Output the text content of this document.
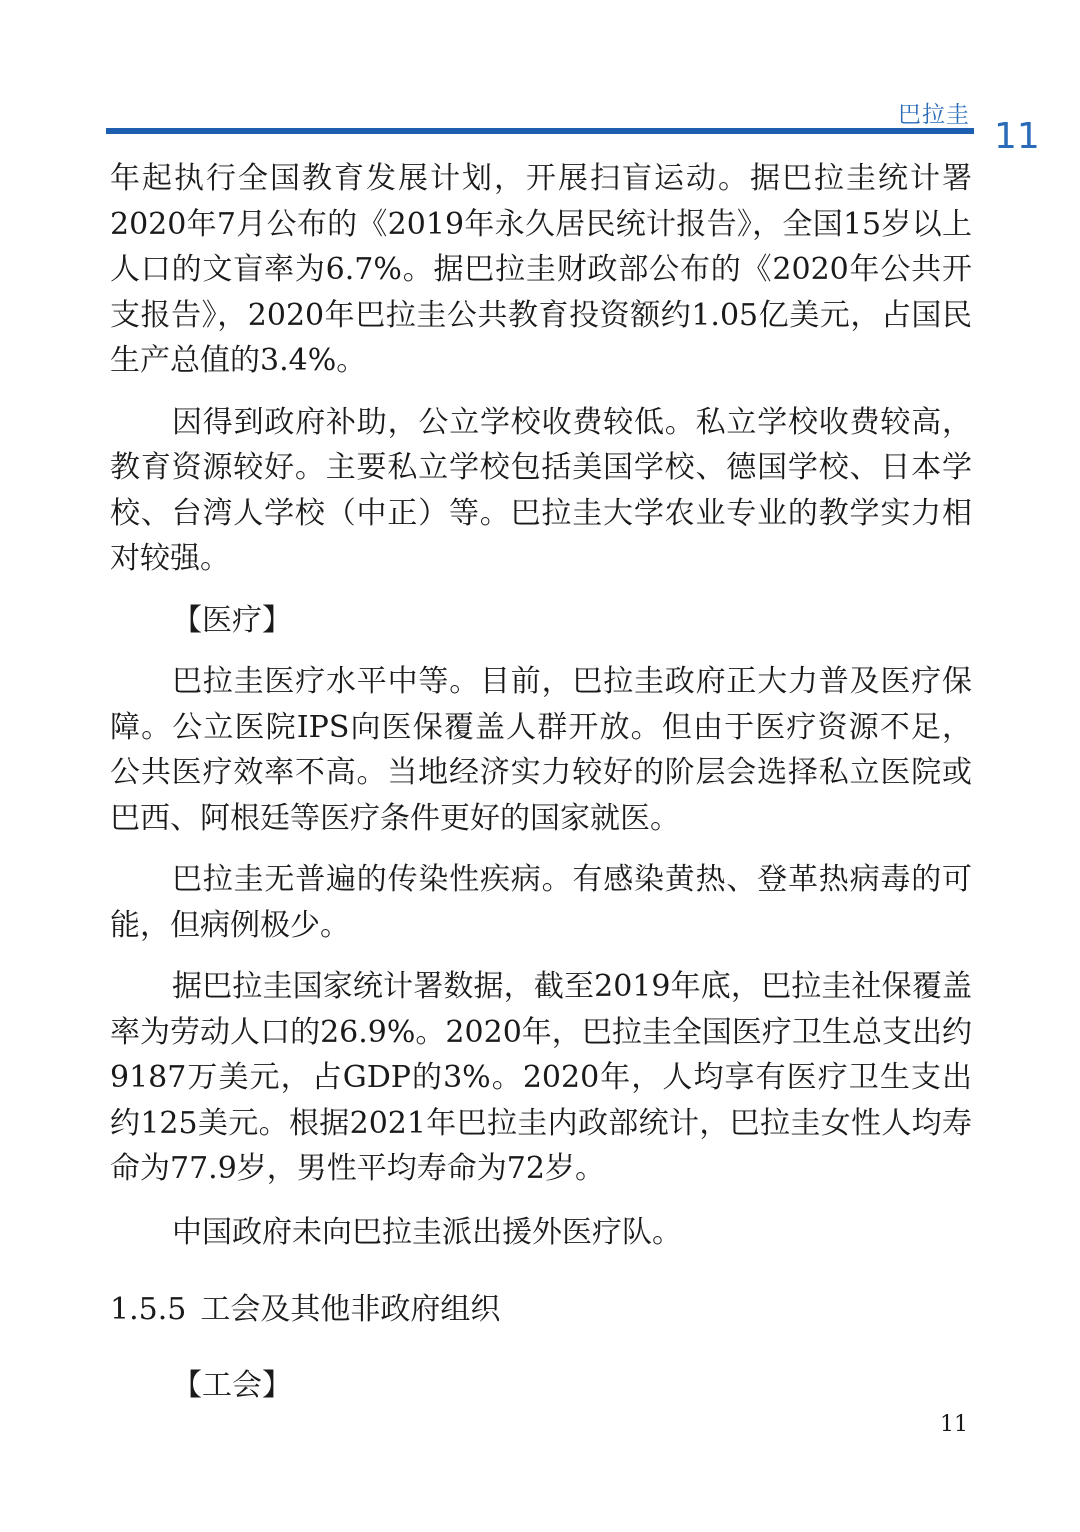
巴拉圭
11

年起执行全国教育发展计划，开展扫盲运动。据巴拉圭统计署2020年7月公布的《2019年永久居民统计报告》，全国15岁以上人口的文盲率为6.7%。据巴拉圭财政部公布的《2020年公共开支报告》，2020年巴拉圭公共教育投资额约1.05亿美元，占国民生产总值的3.4%。

因得到政府补助，公立学校收费较低。私立学校收费较高，教育资源较好。主要私立学校包括美国学校、德国学校、日本学校、台湾人学校（中正）等。巴拉圭大学农业专业的教学实力相对较强。

【医疗】

巴拉圭医疗水平中等。目前，巴拉圭政府正大力普及医疗保障。公立医院IPS向医保覆盖人群开放。但由于医疗资源不足，公共医疗效率不高。当地经济实力较好的阶层会选择私立医院或巴西、阿根廷等医疗条件更好的国家就医。

巴拉圭无普遍的传染性疾病。有感染黄热、登革热病毒的可能，但病例极少。

据巴拉圭国家统计署数据，截至2019年底，巴拉圭社保覆盖率为劳动人口的26.9%。2020年，巴拉圭全国医疗卫生总支出约9187万美元，占GDP的3%。2020年，人均享有医疗卫生支出约125美元。根据2021年巴拉圭内政部统计，巴拉圭女性人均寿命为77.9岁，男性平均寿命为72岁。

中国政府未向巴拉圭派出援外医疗队。

1.5.5 工会及其他非政府组织

【工会】

11
